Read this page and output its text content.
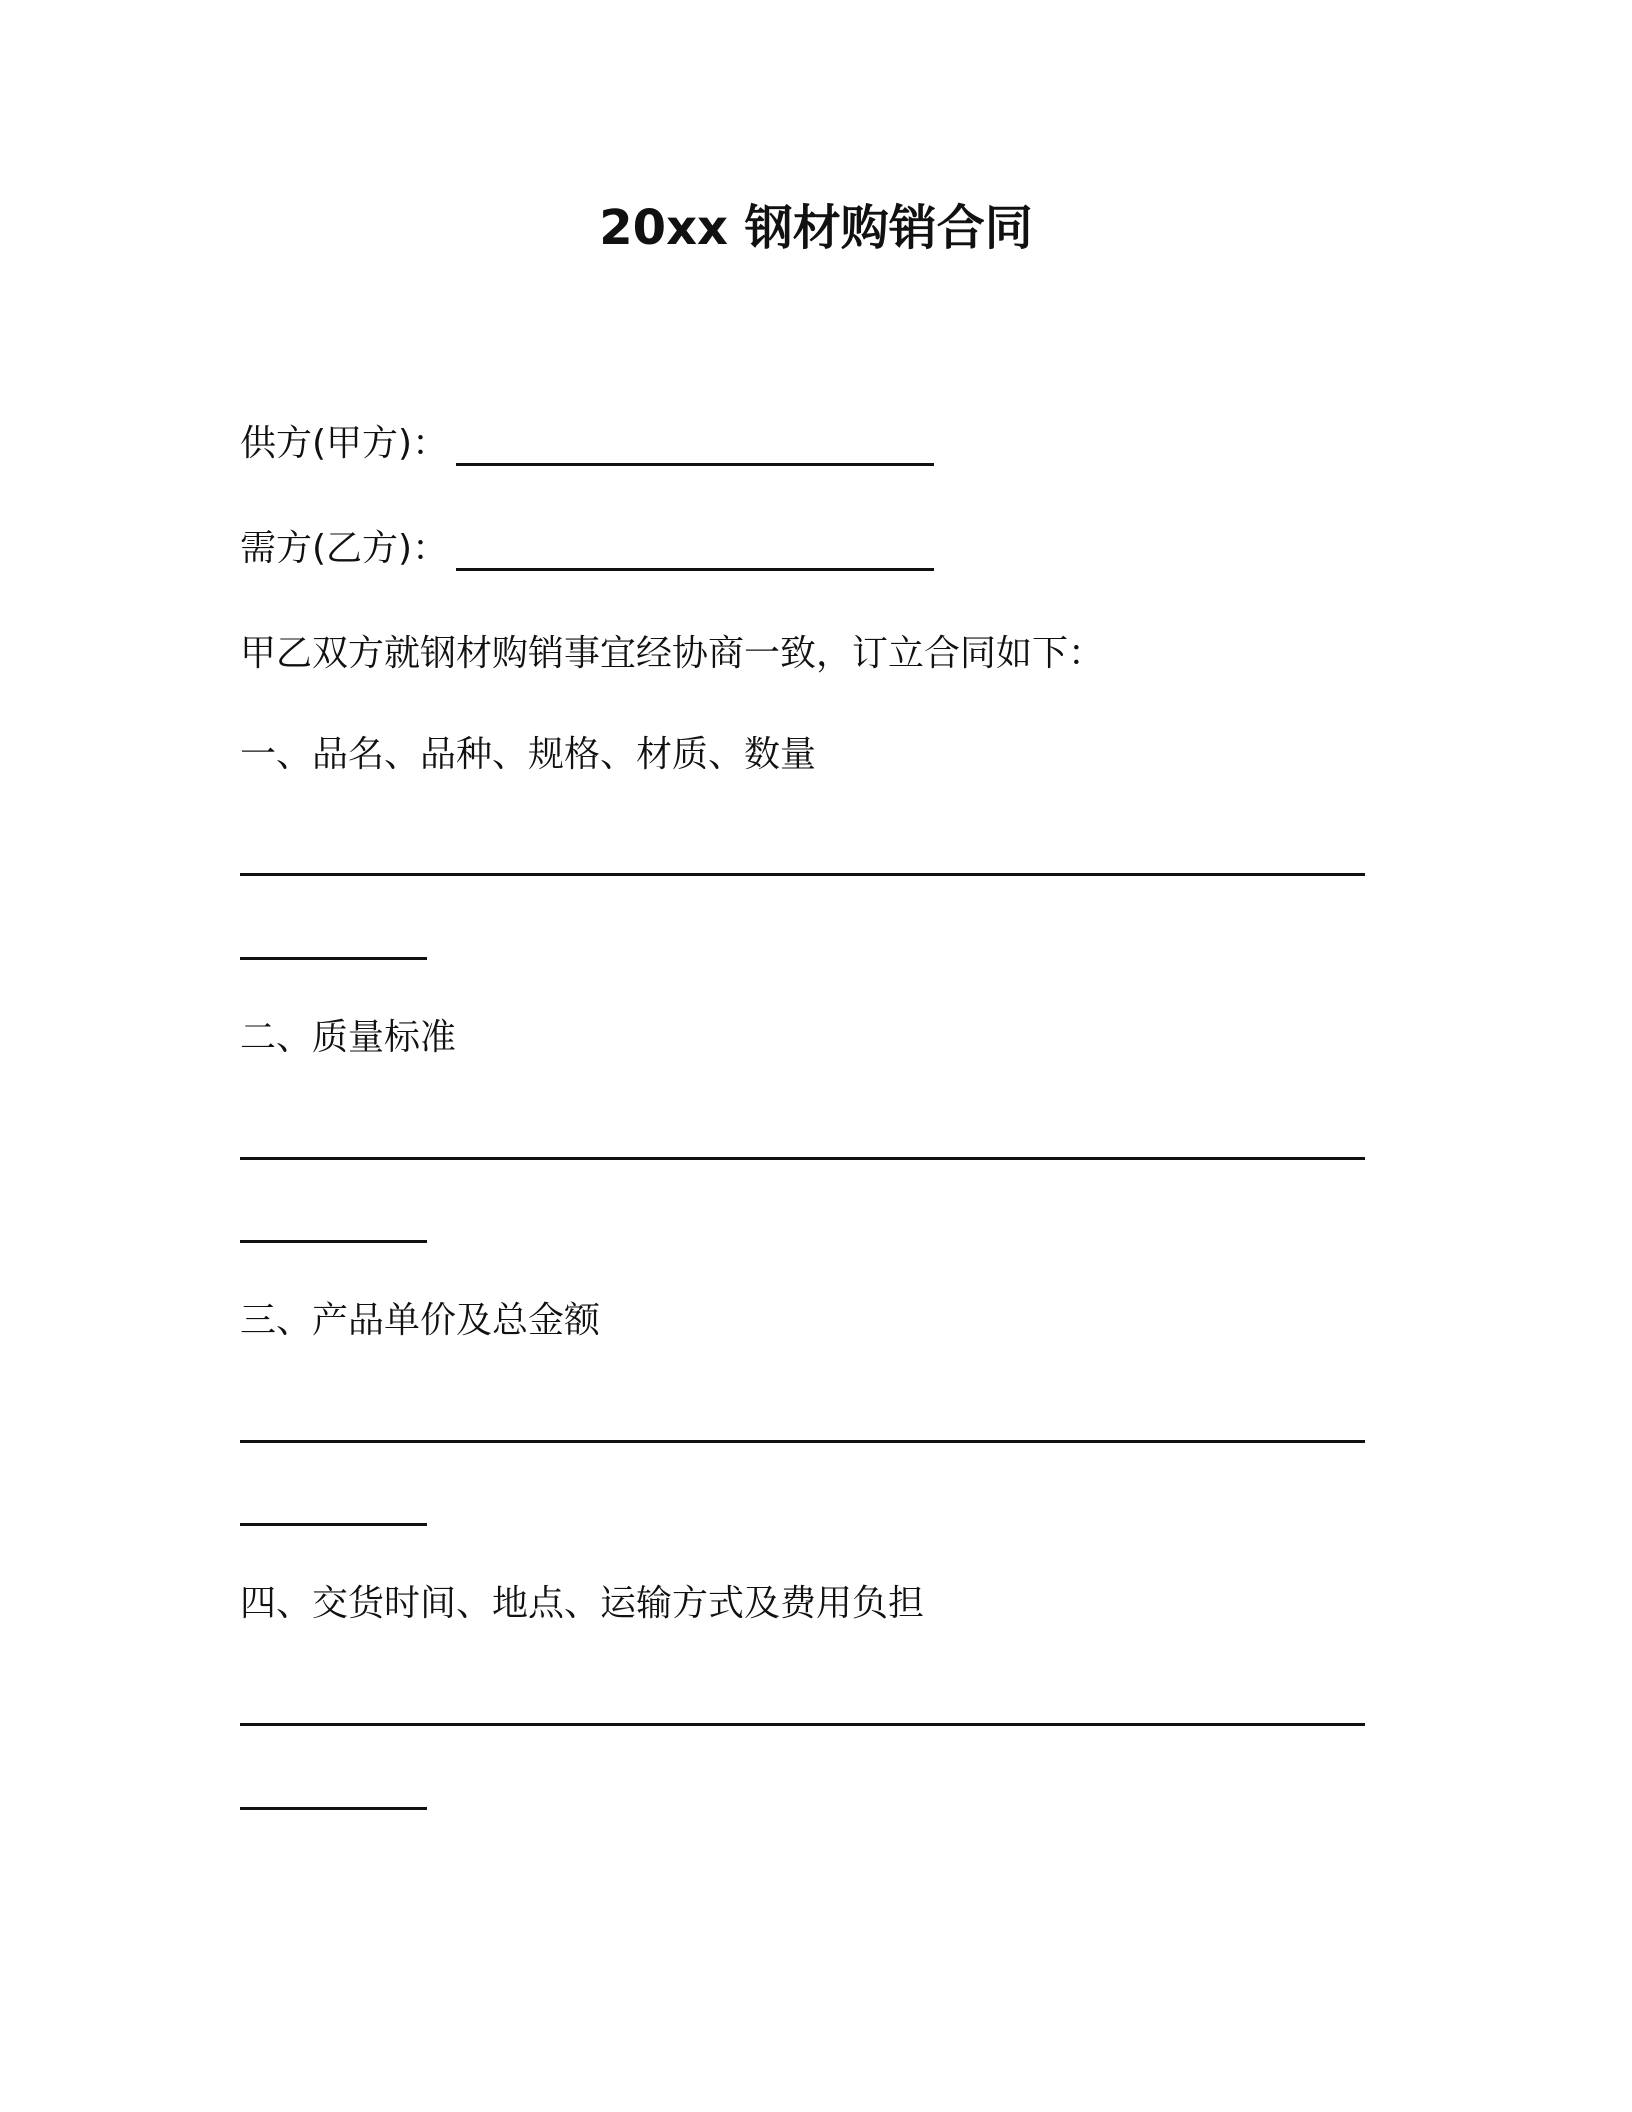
20xx 钢材购销合同
供方(甲方)：
需方(乙方)：
甲乙双方就钢材购销事宜经协商一致，订立合同如下：
一、品名、品种、规格、材质、数量
二、质量标准
三、产品单价及总金额
四、交货时间、地点、运输方式及费用负担
